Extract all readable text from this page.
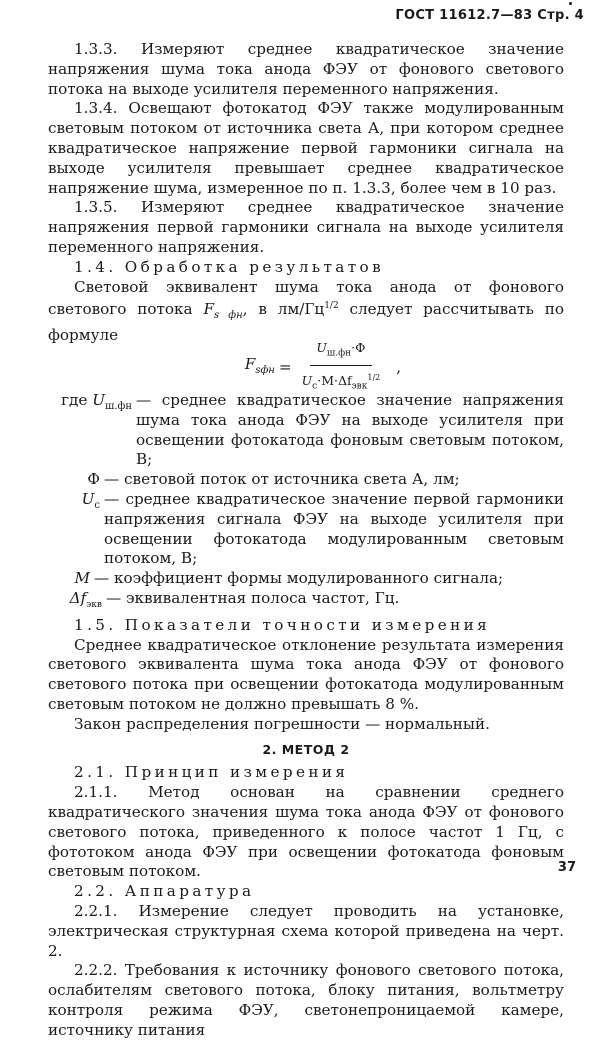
ГОСТ 11612.7—83 Стр. 4

1.3.3. Измеряют среднее квадратическое значение напряжения шума тока анода ФЭУ от фонового светового потока на выходе усилителя переменного напряжения.

1.3.4. Освещают фотокатод ФЭУ также модулированным световым потоком от источника света А, при котором среднее квадратическое напряжение первой гармоники сигнала на выходе усилителя превышает среднее квадратическое напряжение шума, измеренное по п. 1.3.3, более чем в 10 раз.

1.3.5. Измеряют среднее квадратическое значение напряжения первой гармоники сигнала на выходе усилителя переменного напряжения.

1.4. Обработка результатов

Световой эквивалент шума тока анода от фонового светового потока $F_{s фн}$, в $лм/Гц^{1/2}$ следует рассчитывать по формуле

$F_{sфн} = \frac{U_{ш.фн}\cdot Ф}{U_с\cdot M\cdot\Delta f_{эвк}^{1/2}}$ ,
где $U_{ш.фн}$ — среднее квадратическое значение напряжения шума тока анода ФЭУ на выходе усилителя при освещении фотокатода фоновым световым потоком, В;

Ф — световой поток от источника света А, лм;

$U_с$ — среднее квадратическое значение первой гармоники напряжения сигнала ФЭУ на выходе усилителя при освещении фотокатода модулированным световым потоком, В;

M — коэффициент формы модулированного сигнала;

$\Delta f_{экв}$ — эквивалентная полоса частот, Гц.

1.5. Показатели точности измерения

Среднее квадратическое отклонение результата измерения светового эквивалента шума тока анода ФЭУ от фонового светового потока при освещении фотокатода модулированным световым потоком не должно превышать 8 %.

Закон распределения погрешности — нормальный.

2. МЕТОД 2

2.1. Принцип измерения

2.1.1. Метод основан на сравнении среднего квадратического значения шума тока анода ФЭУ от фонового светового потока, приведенного к полосе частот 1 Гц, с фототоком анода ФЭУ при освещении фотокатода фоновым световым потоком.

2.2. Аппаратура

2.2.1. Измерение следует проводить на установке, электрическая структурная схема которой приведена на черт. 2.

2.2.2. Требования к источнику фонового светового потока, ослабителям светового потока, блоку питания, вольтметру контроля режима ФЭУ, светонепроницаемой камере, источнику питания

37
